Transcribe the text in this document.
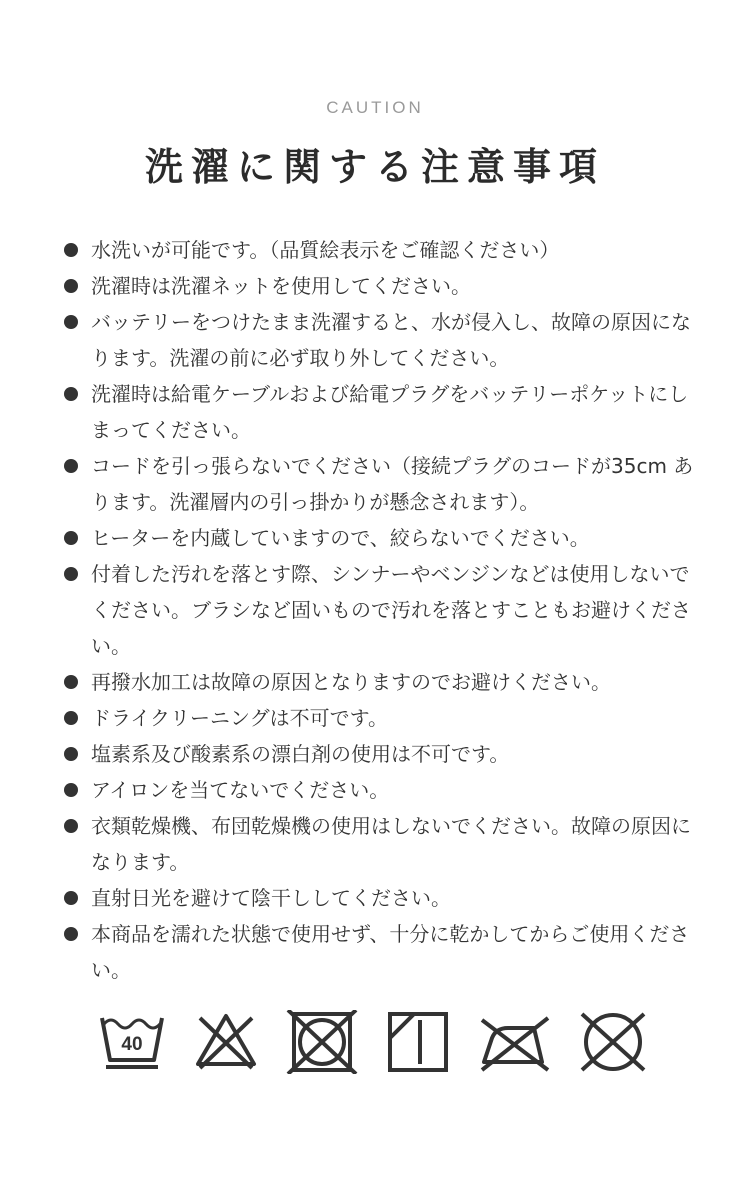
CAUTION
洗濯に関する注意事項
水洗いが可能です。（品質絵表示をご確認ください）
洗濯時は洗濯ネットを使用してください。
バッテリーをつけたまま洗濯すると、水が侵入し、故障の原因になります。洗濯の前に必ず取り外してください。
洗濯時は給電ケーブルおよび給電プラグをバッテリーポケットにしまってください。
コードを引っ張らないでください（接続プラグのコードが35cm あります。洗濯層内の引っ掛かりが懸念されます）。
ヒーターを内蔵していますので、絞らないでください。
付着した汚れを落とす際、シンナーやベンジンなどは使用しないでください。ブラシなど固いもので汚れを落とすこともお避けください。
再撥水加工は故障の原因となりますのでお避けください。
ドライクリーニングは不可です。
塩素系及び酸素系の漂白剤の使用は不可です。
アイロンを当てないでください。
衣類乾燥機、布団乾燥機の使用はしないでください。故障の原因になります。
直射日光を避けて陰干ししてください。
本商品を濡れた状態で使用せず、十分に乾かしてからご使用ください。
40
